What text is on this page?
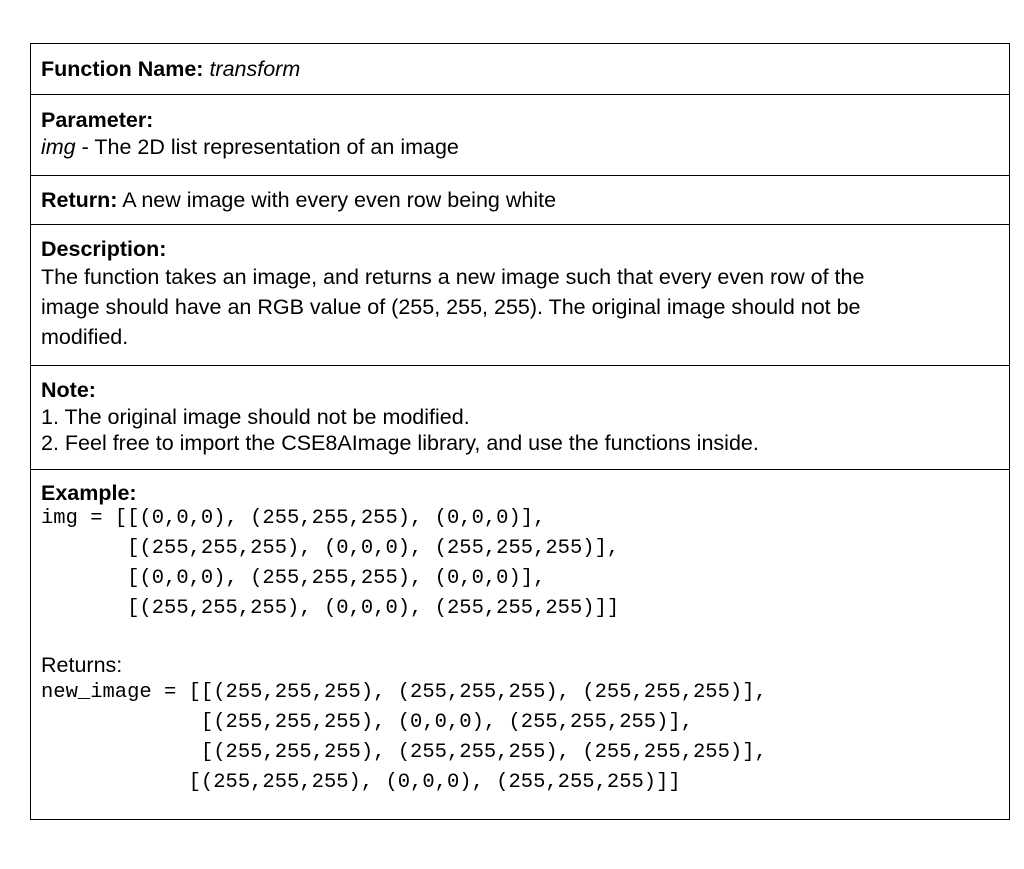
Function Name: transform
Parameter:
img - The 2D list representation of an image
Return: A new image with every even row being white
Description:
The function takes an image, and returns a new image such that every even row of the
image should have an RGB value of (255, 255, 255). The original image should not be
modified.
Note:
1. The original image should not be modified.
2. Feel free to import the CSE8AImage library, and use the functions inside.
Example:
img = [[(0,0,0), (255,255,255), (0,0,0)],
[(255,255,255), (0,0,0), (255,255,255)],
[(0,0,0), (255,255,255), (0,0,0)],
[(255,255,255), (0,0,0), (255,255,255)]]
Returns:
new_image = [[(255,255,255), (255,255,255), (255,255,255)],
[(255,255,255), (0,0,0), (255,255,255)],
[(255,255,255), (255,255,255), (255,255,255)],
[(255,255,255), (0,0,0), (255,255,255)]]
